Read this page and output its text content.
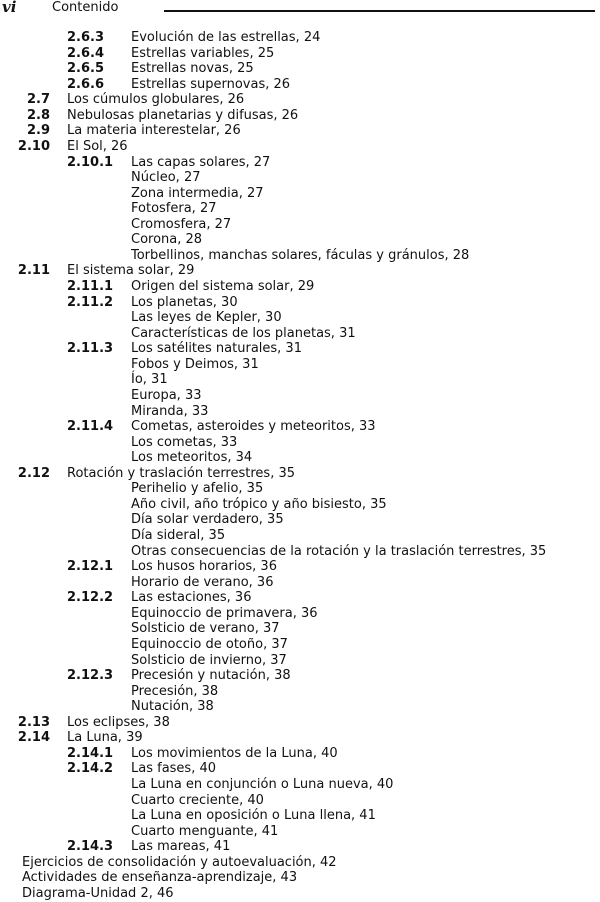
vi	Contenido
2.6.3 Evolución de las estrellas, 24
2.6.4 Estrellas variables, 25
2.6.5 Estrellas novas, 25
2.6.6 Estrellas supernovas, 26
2.7 Los cúmulos globulares, 26
2.8 Nebulosas planetarias y difusas, 26
2.9 La materia interestelar, 26
2.10 El Sol, 26
2.10.1 Las capas solares, 27
Núcleo, 27
Zona intermedia, 27
Fotosfera, 27
Cromosfera, 27
Corona, 28
Torbellinos, manchas solares, fáculas y gránulos, 28
2.11 El sistema solar, 29
2.11.1 Origen del sistema solar, 29
2.11.2 Los planetas, 30
Las leyes de Kepler, 30
Características de los planetas, 31
2.11.3 Los satélites naturales, 31
Fobos y Deimos, 31
Ío, 31
Europa, 33
Miranda, 33
2.11.4 Cometas, asteroides y meteoritos, 33
Los cometas, 33
Los meteoritos, 34
2.12 Rotación y traslación terrestres, 35
Perihelio y afelio, 35
Año civil, año trópico y año bisiesto, 35
Día solar verdadero, 35
Día sideral, 35
Otras consecuencias de la rotación y la traslación terrestres, 35
2.12.1 Los husos horarios, 36
Horario de verano, 36
2.12.2 Las estaciones, 36
Equinoccio de primavera, 36
Solsticio de verano, 37
Equinoccio de otoño, 37
Solsticio de invierno, 37
2.12.3 Precesión y nutación, 38
Precesión, 38
Nutación, 38
2.13 Los eclipses, 38
2.14 La Luna, 39
2.14.1 Los movimientos de la Luna, 40
2.14.2 Las fases, 40
La Luna en conjunción o Luna nueva, 40
Cuarto creciente, 40
La Luna en oposición o Luna llena, 41
Cuarto menguante, 41
2.14.3 Las mareas, 41
Ejercicios de consolidación y autoevaluación, 42
Actividades de enseñanza-aprendizaje, 43
Diagrama-Unidad 2, 46
